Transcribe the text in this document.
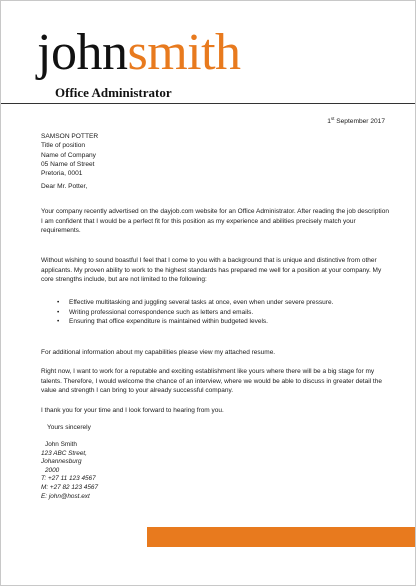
johnsmith
Office Administrator
1st September 2017
SAMSON POTTER
Title of position
Name of Company
05 Name of Street
Pretoria, 0001
Dear Mr. Potter,

Your company recently advertised on the dayjob.com website for an Office Administrator. After reading the job description I am confident that I would be a perfect fit for this position as my experience and abilities precisely match your requirements.

Without wishing to sound boastful I feel that I come to you with a background that is unique and distinctive from other applicants. My proven ability to work to the highest standards has prepared me well for a position at your company. My core strengths include, but are not limited to the following:

• Effective multitasking and juggling several tasks at once, even when under severe pressure.
• Writing professional correspondence such as letters and emails.
• Ensuring that office expenditure is maintained within budgeted levels.

For additional information about my capabilities please view my attached resume.

Right now, I want to work for a reputable and exciting establishment like yours where there will be a big stage for my talents. Therefore, I would welcome the chance of an interview, where we would be able to discuss in greater detail the value and strength I can bring to your already successful company.

I thank you for your time and I look forward to hearing from you.

Yours sincerely
John Smith
123 ABC Street,
Johannesburg
2000
T: +27 11 123 4567
M: +27 82 123 4567
E: john@host.ext
